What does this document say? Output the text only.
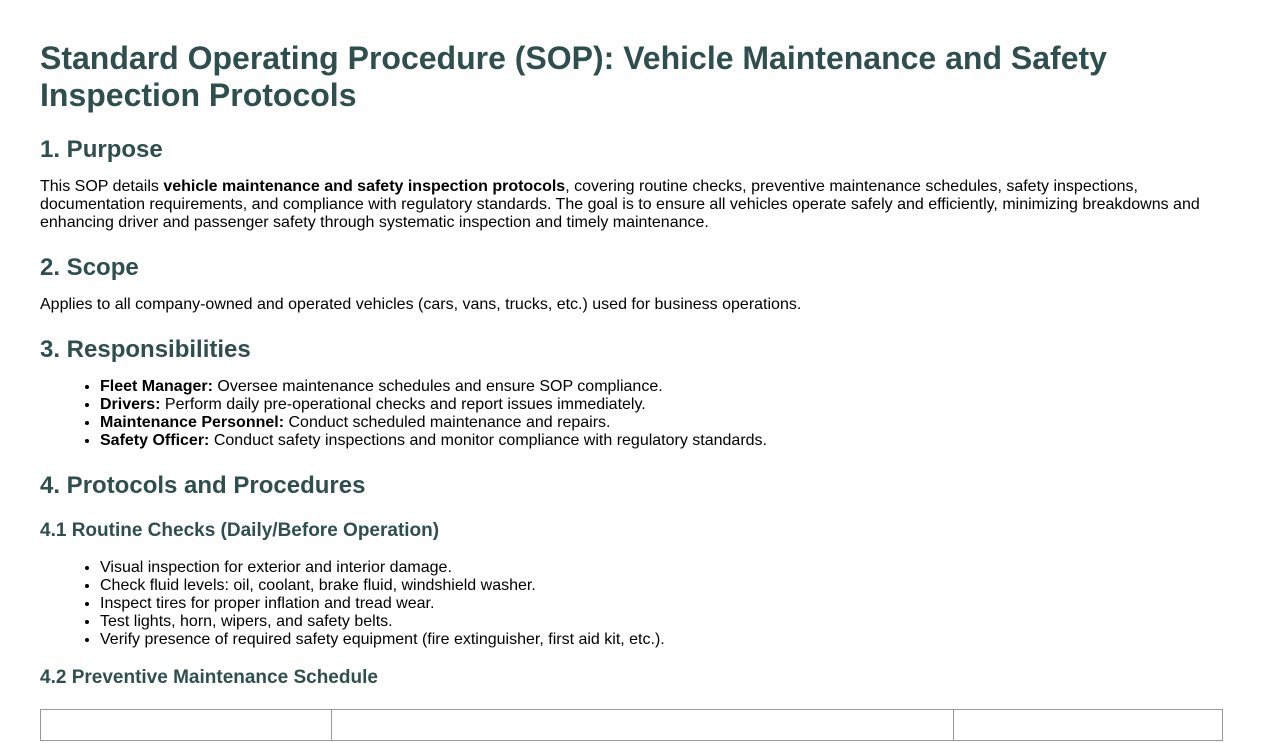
Standard Operating Procedure (SOP): Vehicle Maintenance and Safety Inspection Protocols
1. Purpose

This SOP details vehicle maintenance and safety inspection protocols, covering routine checks, preventive maintenance schedules, safety inspections, documentation requirements, and compliance with regulatory standards. The goal is to ensure all vehicles operate safely and efficiently, minimizing breakdowns and enhancing driver and passenger safety through systematic inspection and timely maintenance.

2. Scope

Applies to all company-owned and operated vehicles (cars, vans, trucks, etc.) used for business operations.

3. Responsibilities
• Fleet Manager: Oversee maintenance schedules and ensure SOP compliance.
• Drivers: Perform daily pre-operational checks and report issues immediately.
• Maintenance Personnel: Conduct scheduled maintenance and repairs.
• Safety Officer: Conduct safety inspections and monitor compliance with regulatory standards.
4. Protocols and Procedures
4.1 Routine Checks (Daily/Before Operation)
• Visual inspection for exterior and interior damage.
• Check fluid levels: oil, coolant, brake fluid, windshield washer.
• Inspect tires for proper inflation and tread wear.
• Test lights, horn, wipers, and safety belts.
• Verify presence of required safety equipment (fire extinguisher, first aid kit, etc.).
4.2 Preventive Maintenance Schedule
